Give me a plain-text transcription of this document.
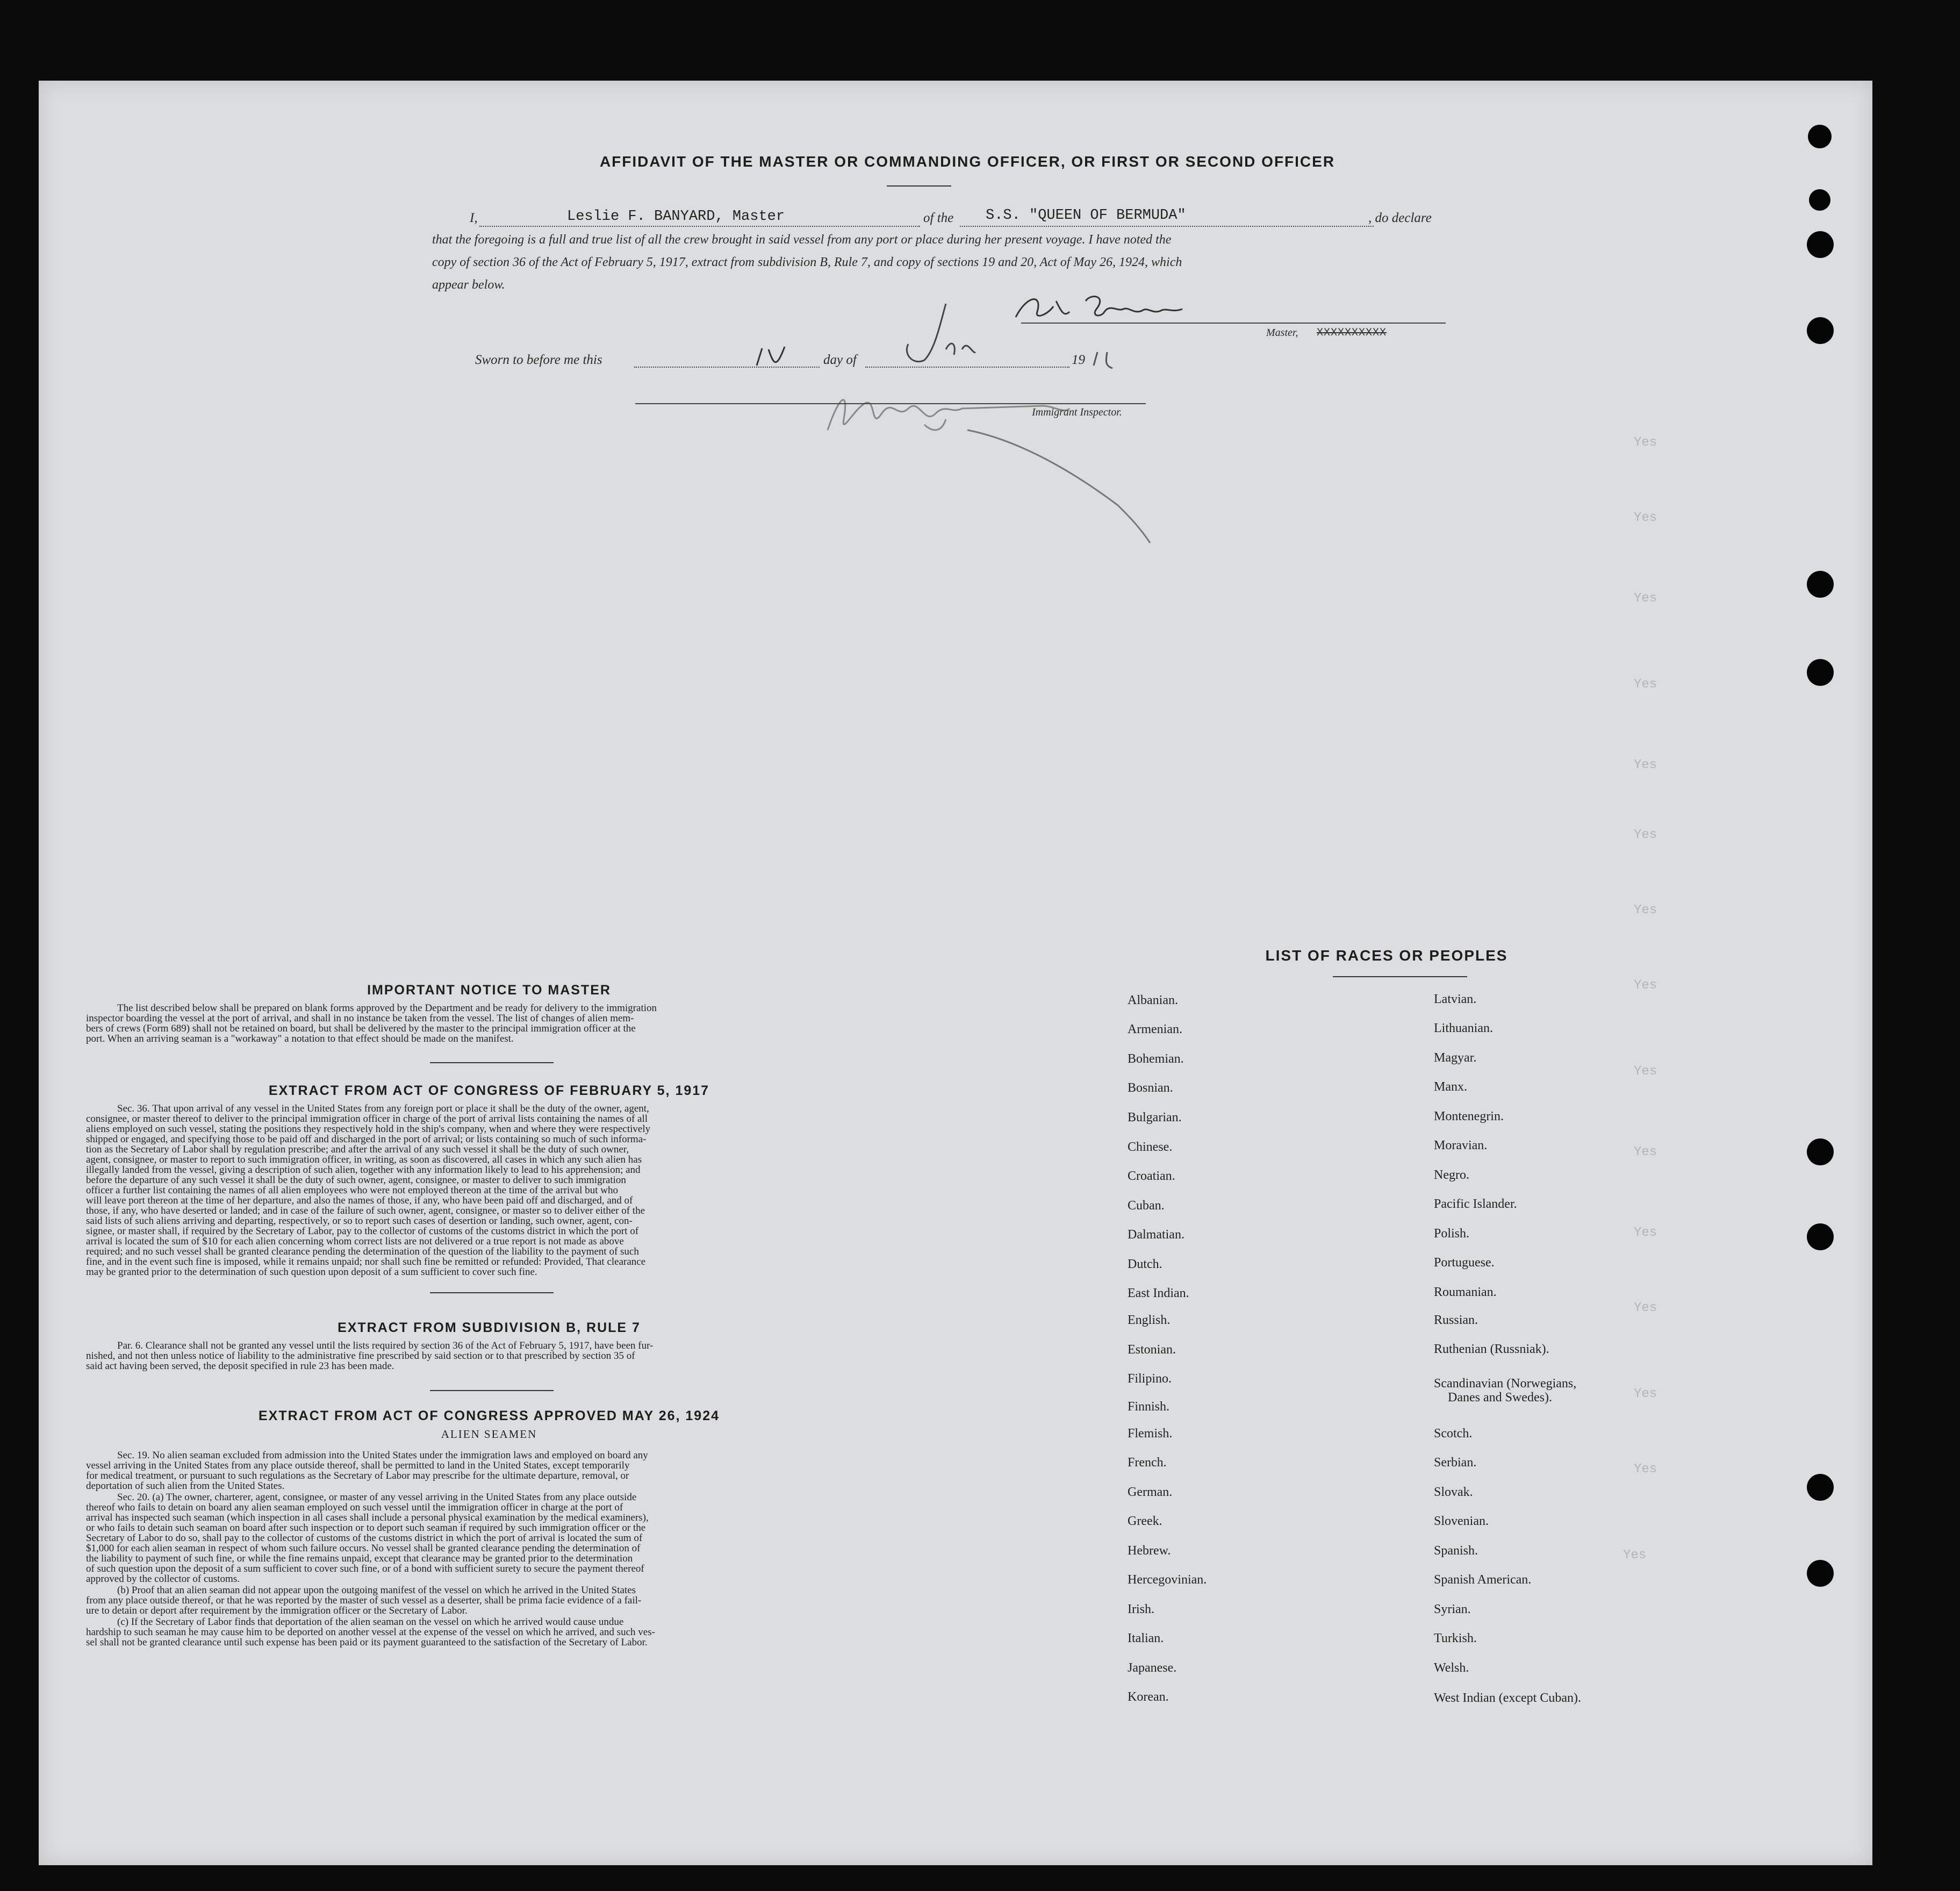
Yes
Yes
Yes
Yes
Yes
Yes
Yes
Yes
Yes
Yes
Yes
Yes
Yes
Yes
Yes
AFFIDAVIT OF THE MASTER OR COMMANDING OFFICER, OR FIRST OR SECOND OFFICER
I,	Leslie F. BANYARD, Master	of the S.S. "QUEEN OF BERMUDA"	, do declare
that the foregoing is a full and true list of all the crew brought in said vessel from any port or place during her present voyage. I have noted the
copy of section 36 of the Act of February 5, 1917, extract from subdivision B, Rule 7, and copy of sections 19 and 20, Act of May 26, 1924, which
appear below.
Master, XXXXXXXXXX
Sworn to before me this	day of	19
Immigrant Inspector.
IMPORTANT NOTICE TO MASTER
The list described below shall be prepared on blank forms approved by the Department and be ready for delivery to the immigration
inspector boarding the vessel at the port of arrival, and shall in no instance be taken from the vessel. The list of changes of alien mem-
bers of crews (Form 689) shall not be retained on board, but shall be delivered by the master to the principal immigration officer at the
port. When an arriving seaman is a "workaway" a notation to that effect should be made on the manifest.
EXTRACT FROM ACT OF CONGRESS OF FEBRUARY 5, 1917
Sec. 36. That upon arrival of any vessel in the United States from any foreign port or place it shall be the duty of the owner, agent,
consignee, or master thereof to deliver to the principal immigration officer in charge of the port of arrival lists containing the names of all
aliens employed on such vessel, stating the positions they respectively hold in the ship's company, when and where they were respectively
shipped or engaged, and specifying those to be paid off and discharged in the port of arrival; or lists containing so much of such informa-
tion as the Secretary of Labor shall by regulation prescribe; and after the arrival of any such vessel it shall be the duty of such owner,
agent, consignee, or master to report to such immigration officer, in writing, as soon as discovered, all cases in which any such alien has
illegally landed from the vessel, giving a description of such alien, together with any information likely to lead to his apprehension; and
before the departure of any such vessel it shall be the duty of such owner, agent, consignee, or master to deliver to such immigration
officer a further list containing the names of all alien employees who were not employed thereon at the time of the arrival but who
will leave port thereon at the time of her departure, and also the names of those, if any, who have been paid off and discharged, and of
those, if any, who have deserted or landed; and in case of the failure of such owner, agent, consignee, or master so to deliver either of the
said lists of such aliens arriving and departing, respectively, or so to report such cases of desertion or landing, such owner, agent, con-
signee, or master shall, if required by the Secretary of Labor, pay to the collector of customs of the customs district in which the port of
arrival is located the sum of $10 for each alien concerning whom correct lists are not delivered or a true report is not made as above
required; and no such vessel shall be granted clearance pending the determination of the question of the liability to the payment of such
fine, and in the event such fine is imposed, while it remains unpaid; nor shall such fine be remitted or refunded: Provided, That clearance
may be granted prior to the determination of such question upon deposit of a sum sufficient to cover such fine.
EXTRACT FROM SUBDIVISION B, RULE 7
Par. 6. Clearance shall not be granted any vessel until the lists required by section 36 of the Act of February 5, 1917, have been fur-
nished, and not then unless notice of liability to the administrative fine prescribed by said section or to that prescribed by section 35 of
said act having been served, the deposit specified in rule 23 has been made.
EXTRACT FROM ACT OF CONGRESS APPROVED MAY 26, 1924
ALIEN SEAMEN
Sec. 19. No alien seaman excluded from admission into the United States under the immigration laws and employed on board any
vessel arriving in the United States from any place outside thereof, shall be permitted to land in the United States, except temporarily
for medical treatment, or pursuant to such regulations as the Secretary of Labor may prescribe for the ultimate departure, removal, or
deportation of such alien from the United States.
Sec. 20. (a) The owner, charterer, agent, consignee, or master of any vessel arriving in the United States from any place outside
thereof who fails to detain on board any alien seaman employed on such vessel until the immigration officer in charge at the port of
arrival has inspected such seaman (which inspection in all cases shall include a personal physical examination by the medical examiners),
or who fails to detain such seaman on board after such inspection or to deport such seaman if required by such immigration officer or the
Secretary of Labor to do so, shall pay to the collector of customs of the customs district in which the port of arrival is located the sum of
$1,000 for each alien seaman in respect of whom such failure occurs. No vessel shall be granted clearance pending the determination of
the liability to payment of such fine, or while the fine remains unpaid, except that clearance may be granted prior to the determination
of such question upon the deposit of a sum sufficient to cover such fine, or of a bond with sufficient surety to secure the payment thereof
approved by the collector of customs.
(b) Proof that an alien seaman did not appear upon the outgoing manifest of the vessel on which he arrived in the United States
from any place outside thereof, or that he was reported by the master of such vessel as a deserter, shall be prima facie evidence of a fail-
ure to detain or deport after requirement by the immigration officer or the Secretary of Labor.
(c) If the Secretary of Labor finds that deportation of the alien seaman on the vessel on which he arrived would cause undue
hardship to such seaman he may cause him to be deported on another vessel at the expense of the vessel on which he arrived, and such ves-
sel shall not be granted clearance until such expense has been paid or its payment guaranteed to the satisfaction of the Secretary of Labor.
LIST OF RACES OR PEOPLES
Albanian.
Armenian.
Bohemian.
Bosnian.
Bulgarian.
Chinese.
Croatian.
Cuban.
Dalmatian.
Dutch.
East Indian.
English.
Estonian.
Filipino.
Finnish.
Flemish.
French.
German.
Greek.
Hebrew.
Hercegovinian.
Irish.
Italian.
Japanese.
Korean.
Latvian.
Lithuanian.
Magyar.
Manx.
Montenegrin.
Moravian.
Negro.
Pacific Islander.
Polish.
Portuguese.
Roumanian.
Russian.
Ruthenian (Russniak).
Scandinavian (Norwegians,
Danes and Swedes).
Scotch.
Serbian.
Slovak.
Slovenian.
Spanish.
Spanish American.
Syrian.
Turkish.
Welsh.
West Indian (except Cuban).
